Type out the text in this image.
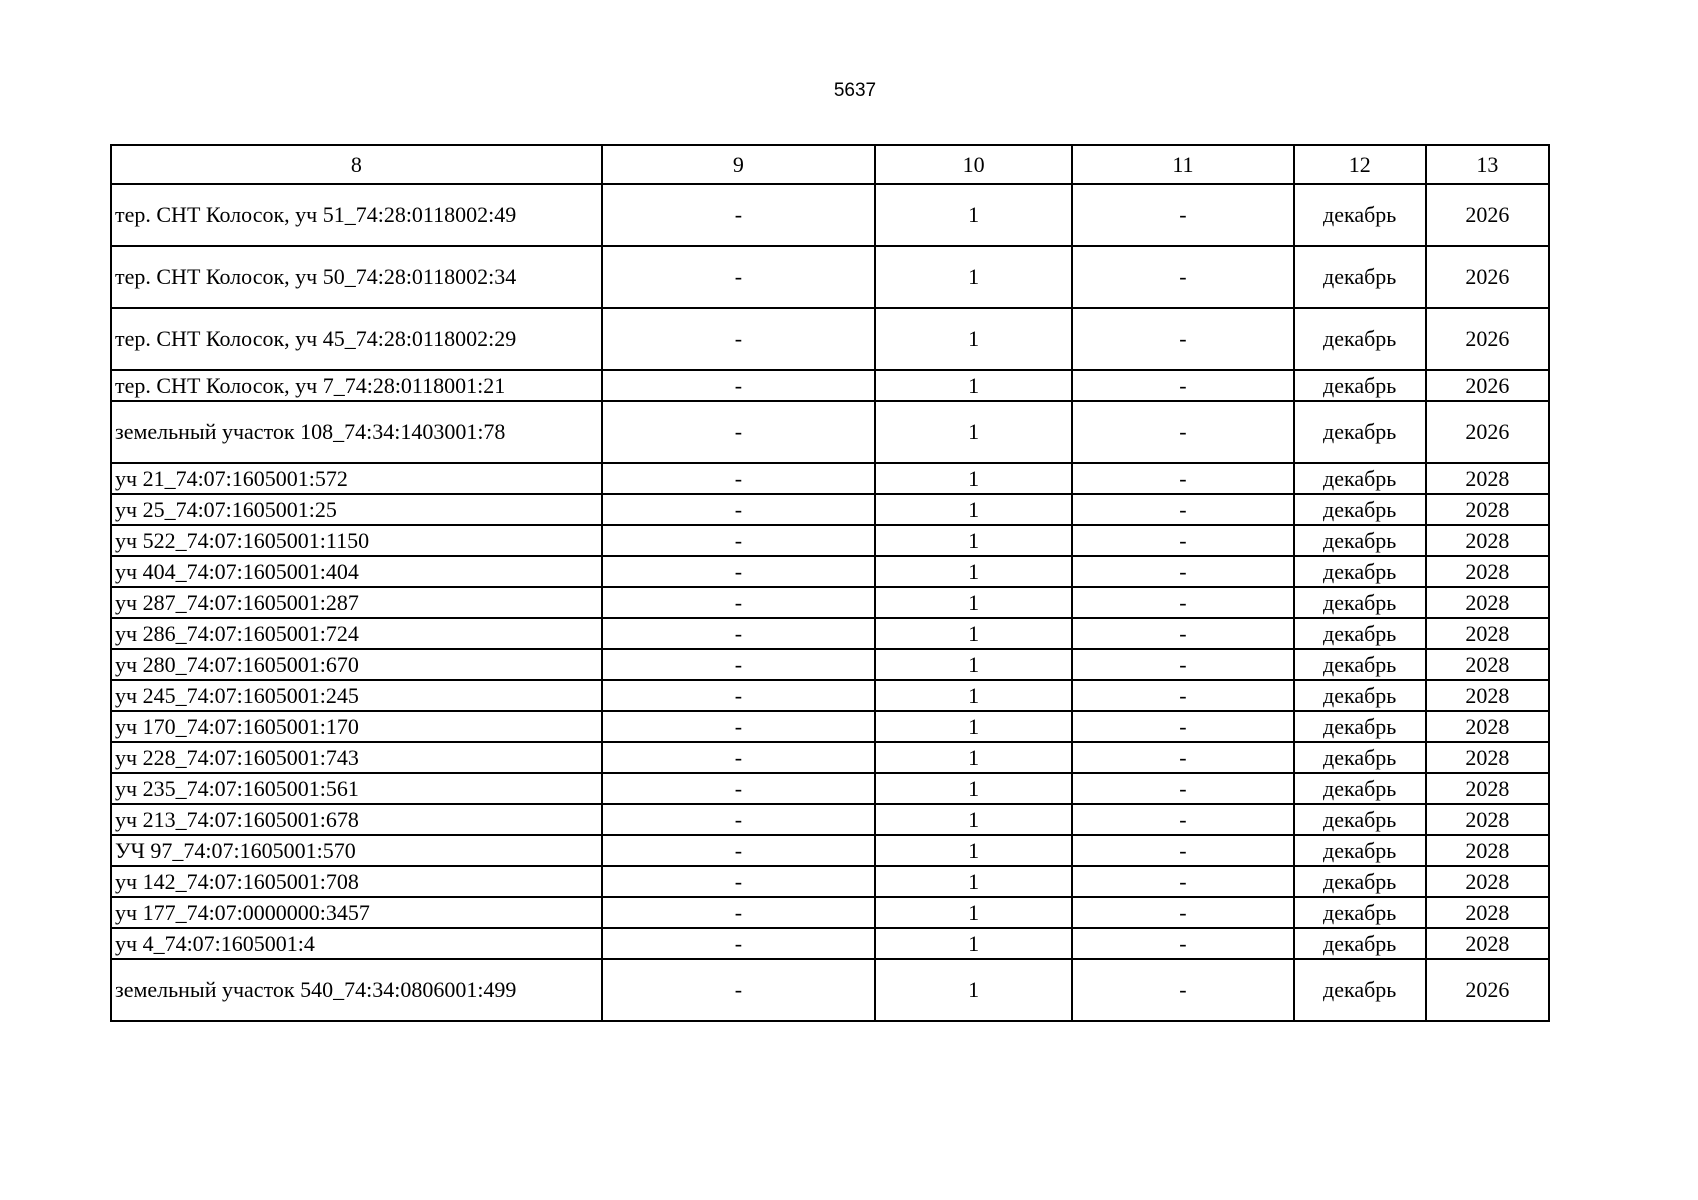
5637
8	9	10	11	12	13
тер. СНТ Колосок, уч 51_74:28:0118002:49	-	1	-	декабрь	2026
тер. СНТ Колосок, уч 50_74:28:0118002:34	-	1	-	декабрь	2026
тер. СНТ Колосок, уч 45_74:28:0118002:29	-	1	-	декабрь	2026
тер. СНТ Колосок, уч 7_74:28:0118001:21	-	1	-	декабрь	2026
земельный участок 108_74:34:1403001:78	-	1	-	декабрь	2026
уч 21_74:07:1605001:572	-	1	-	декабрь	2028
уч 25_74:07:1605001:25	-	1	-	декабрь	2028
уч 522_74:07:1605001:1150	-	1	-	декабрь	2028
уч 404_74:07:1605001:404	-	1	-	декабрь	2028
уч 287_74:07:1605001:287	-	1	-	декабрь	2028
уч 286_74:07:1605001:724	-	1	-	декабрь	2028
уч 280_74:07:1605001:670	-	1	-	декабрь	2028
уч 245_74:07:1605001:245	-	1	-	декабрь	2028
уч 170_74:07:1605001:170	-	1	-	декабрь	2028
уч 228_74:07:1605001:743	-	1	-	декабрь	2028
уч 235_74:07:1605001:561	-	1	-	декабрь	2028
уч 213_74:07:1605001:678	-	1	-	декабрь	2028
УЧ 97_74:07:1605001:570	-	1	-	декабрь	2028
уч 142_74:07:1605001:708	-	1	-	декабрь	2028
уч 177_74:07:0000000:3457	-	1	-	декабрь	2028
уч 4_74:07:1605001:4	-	1	-	декабрь	2028
земельный участок 540_74:34:0806001:499	-	1	-	декабрь	2026
